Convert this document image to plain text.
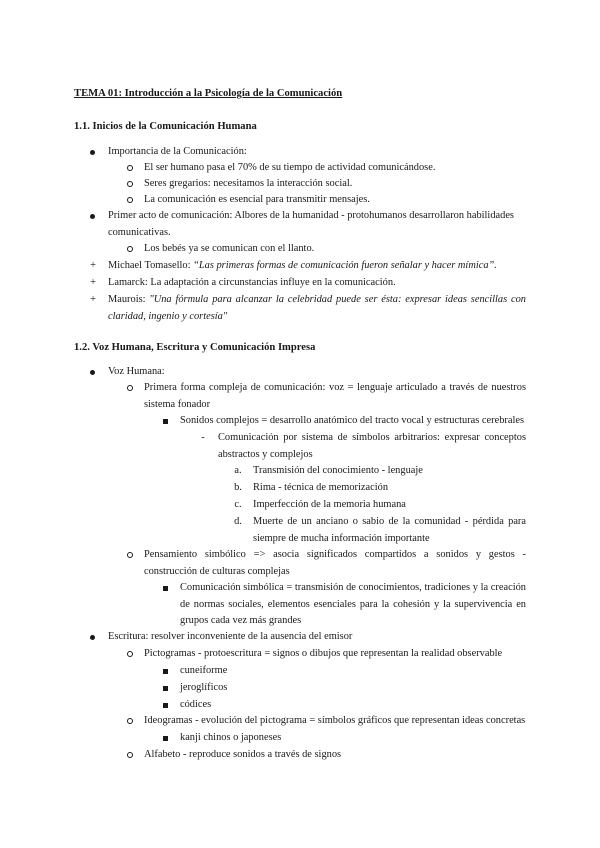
TEMA 01: Introducción a la Psicología de la Comunicación
1.1. Inicios de la Comunicación Humana
Importancia de la Comunicación:
El ser humano pasa el 70% de su tiempo de actividad comunicándose.
Seres gregarios: necesitamos la interacción social.
La comunicación es esencial para transmitir mensajes.
Primer acto de comunicación: Albores de la humanidad - protohumanos desarrollaron habilidades comunicativas.
Los bebés ya se comunican con el llanto.
+	Michael Tomasello: “Las primeras formas de comunicación fueron señalar y hacer mímica”.
+	Lamarck: La adaptación a circunstancias influye en la comunicación.
+	Maurois: "Una fórmula para alcanzar la celebridad puede ser ésta: expresar ideas sencillas con claridad, ingenio y cortesía"
1.2. Voz Humana, Escritura y Comunicación Impresa
Voz Humana:
Primera forma compleja de comunicación: voz = lenguaje articulado a través de nuestros sistema fonador
Sonidos complejos = desarrollo anatómico del tracto vocal y estructuras cerebrales
-	Comunicación por sistema de símbolos arbitrarios: expresar conceptos abstractos y complejos
a. Transmisión del conocimiento - lenguaje
b. Rima - técnica de memorización
c. Imperfección de la memoria humana
d. Muerte de un anciano o sabio de la comunidad - pérdida para siempre de mucha información importante
Pensamiento simbólico => asocia significados compartidos a sonidos y gestos - construcción de culturas complejas
Comunicación simbólica = transmisión de conocimientos, tradiciones y la creación de normas sociales, elementos esenciales para la cohesión y la supervivencia en grupos cada vez más grandes
Escritura: resolver inconveniente de la ausencia del emisor
Pictogramas - protoescritura = signos o dibujos que representan la realidad observable
cuneiforme
jeroglíficos
códices
Ideogramas - evolución del pictograma = símbolos gráficos que representan ideas concretas
kanji chinos o japoneses
Alfabeto - reproduce sonidos a través de signos
